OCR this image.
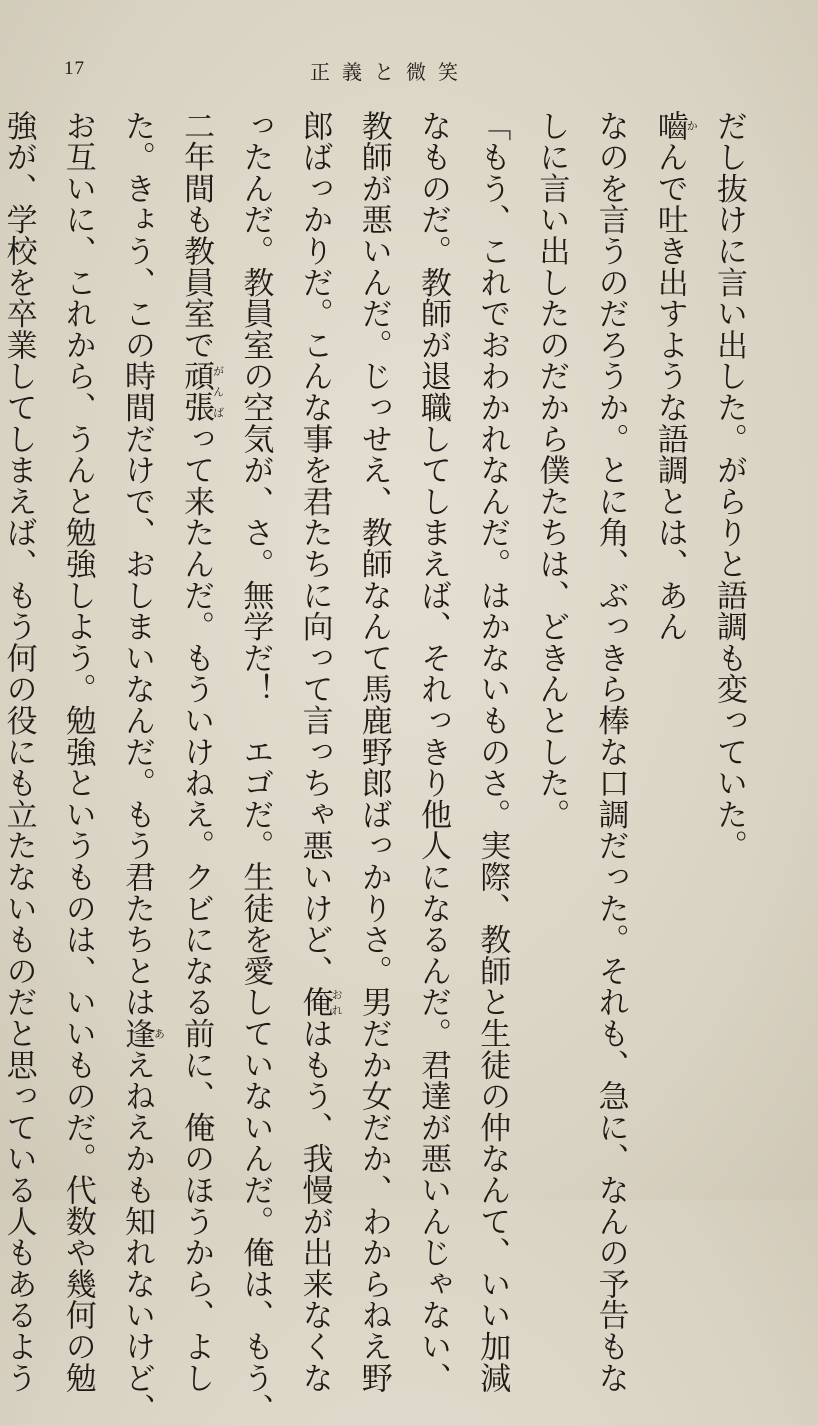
17	正義と微笑

だし抜けに言い出した。がらりと語調も変っていた。

嚙かんで吐き出すような語調とは、あん

なのを言うのだろうか。とに角、ぶっきら棒な口調だった。それも、急に、なんの予告もな

しに言い出したのだから僕たちは、どきんとした。

「もう、これでおわかれなんだ。はかないものさ。実際、教師と生徒の仲なんて、いい加減

なものだ。教師が退職してしまえば、それっきり他人になるんだ。君達が悪いんじゃない、

教師が悪いんだ。じっせえ、教師なんて馬鹿野郎ばっかりさ。男だか女だか、わからねえ野

郎ばっかりだ。こんな事を君たちに向って言っちゃ悪いけど、俺おれはもう、我慢が出来なくな

ったんだ。教員室の空気が、さ。無学だ！　エゴだ。生徒を愛していないんだ。俺は、もう、

二年間も教員室で頑張がんばって来たんだ。もういけねえ。クビになる前に、俺のほうから、よし

た。きょう、この時間だけで、おしまいなんだ。もう君たちとは逢あえねえかも知れないけど、

お互いに、これから、うんと勉強しよう。勉強というものは、いいものだ。代数や幾何の勉

強が、学校を卒業してしまえば、もう何の役にも立たないものだと思っている人もあるよう
